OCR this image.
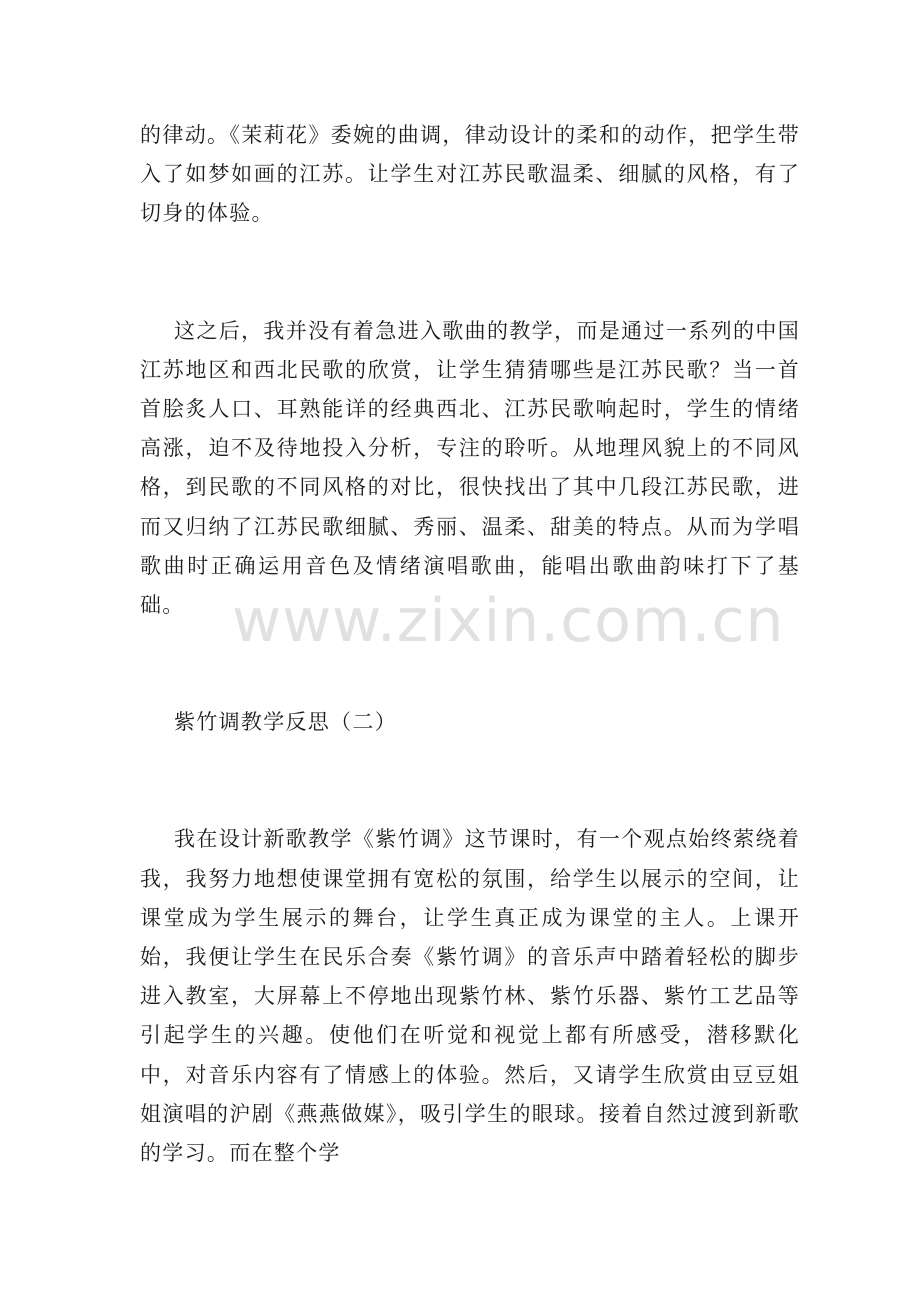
的律动。《茉莉花》委婉的曲调，律动设计的柔和的动作，把学生带入了如梦如画的江苏。让学生对江苏民歌温柔、细腻的风格，有了切身的体验。

这之后，我并没有着急进入歌曲的教学，而是通过一系列的中国江苏地区和西北民歌的欣赏，让学生猜猜哪些是江苏民歌？当一首首脍炙人口、耳熟能详的经典西北、江苏民歌响起时，学生的情绪高涨，迫不及待地投入分析，专注的聆听。从地理风貌上的不同风格，到民歌的不同风格的对比，很快找出了其中几段江苏民歌，进而又归纳了江苏民歌细腻、秀丽、温柔、甜美的特点。从而为学唱歌曲时正确运用音色及情绪演唱歌曲，能唱出歌曲韵味打下了基础。

紫竹调教学反思（二）

我在设计新歌教学《紫竹调》这节课时，有一个观点始终萦绕着我，我努力地想使课堂拥有宽松的氛围，给学生以展示的空间，让课堂成为学生展示的舞台，让学生真正成为课堂的主人。上课开始，我便让学生在民乐合奏《紫竹调》的音乐声中踏着轻松的脚步进入教室，大屏幕上不停地出现紫竹林、紫竹乐器、紫竹工艺品等引起学生的兴趣。使他们在听觉和视觉上都有所感受，潜移默化中，对音乐内容有了情感上的体验。然后，又请学生欣赏由豆豆姐姐演唱的沪剧《燕燕做媒》，吸引学生的眼球。接着自然过渡到新歌的学习。而在整个学

www.zixin.com.cn
